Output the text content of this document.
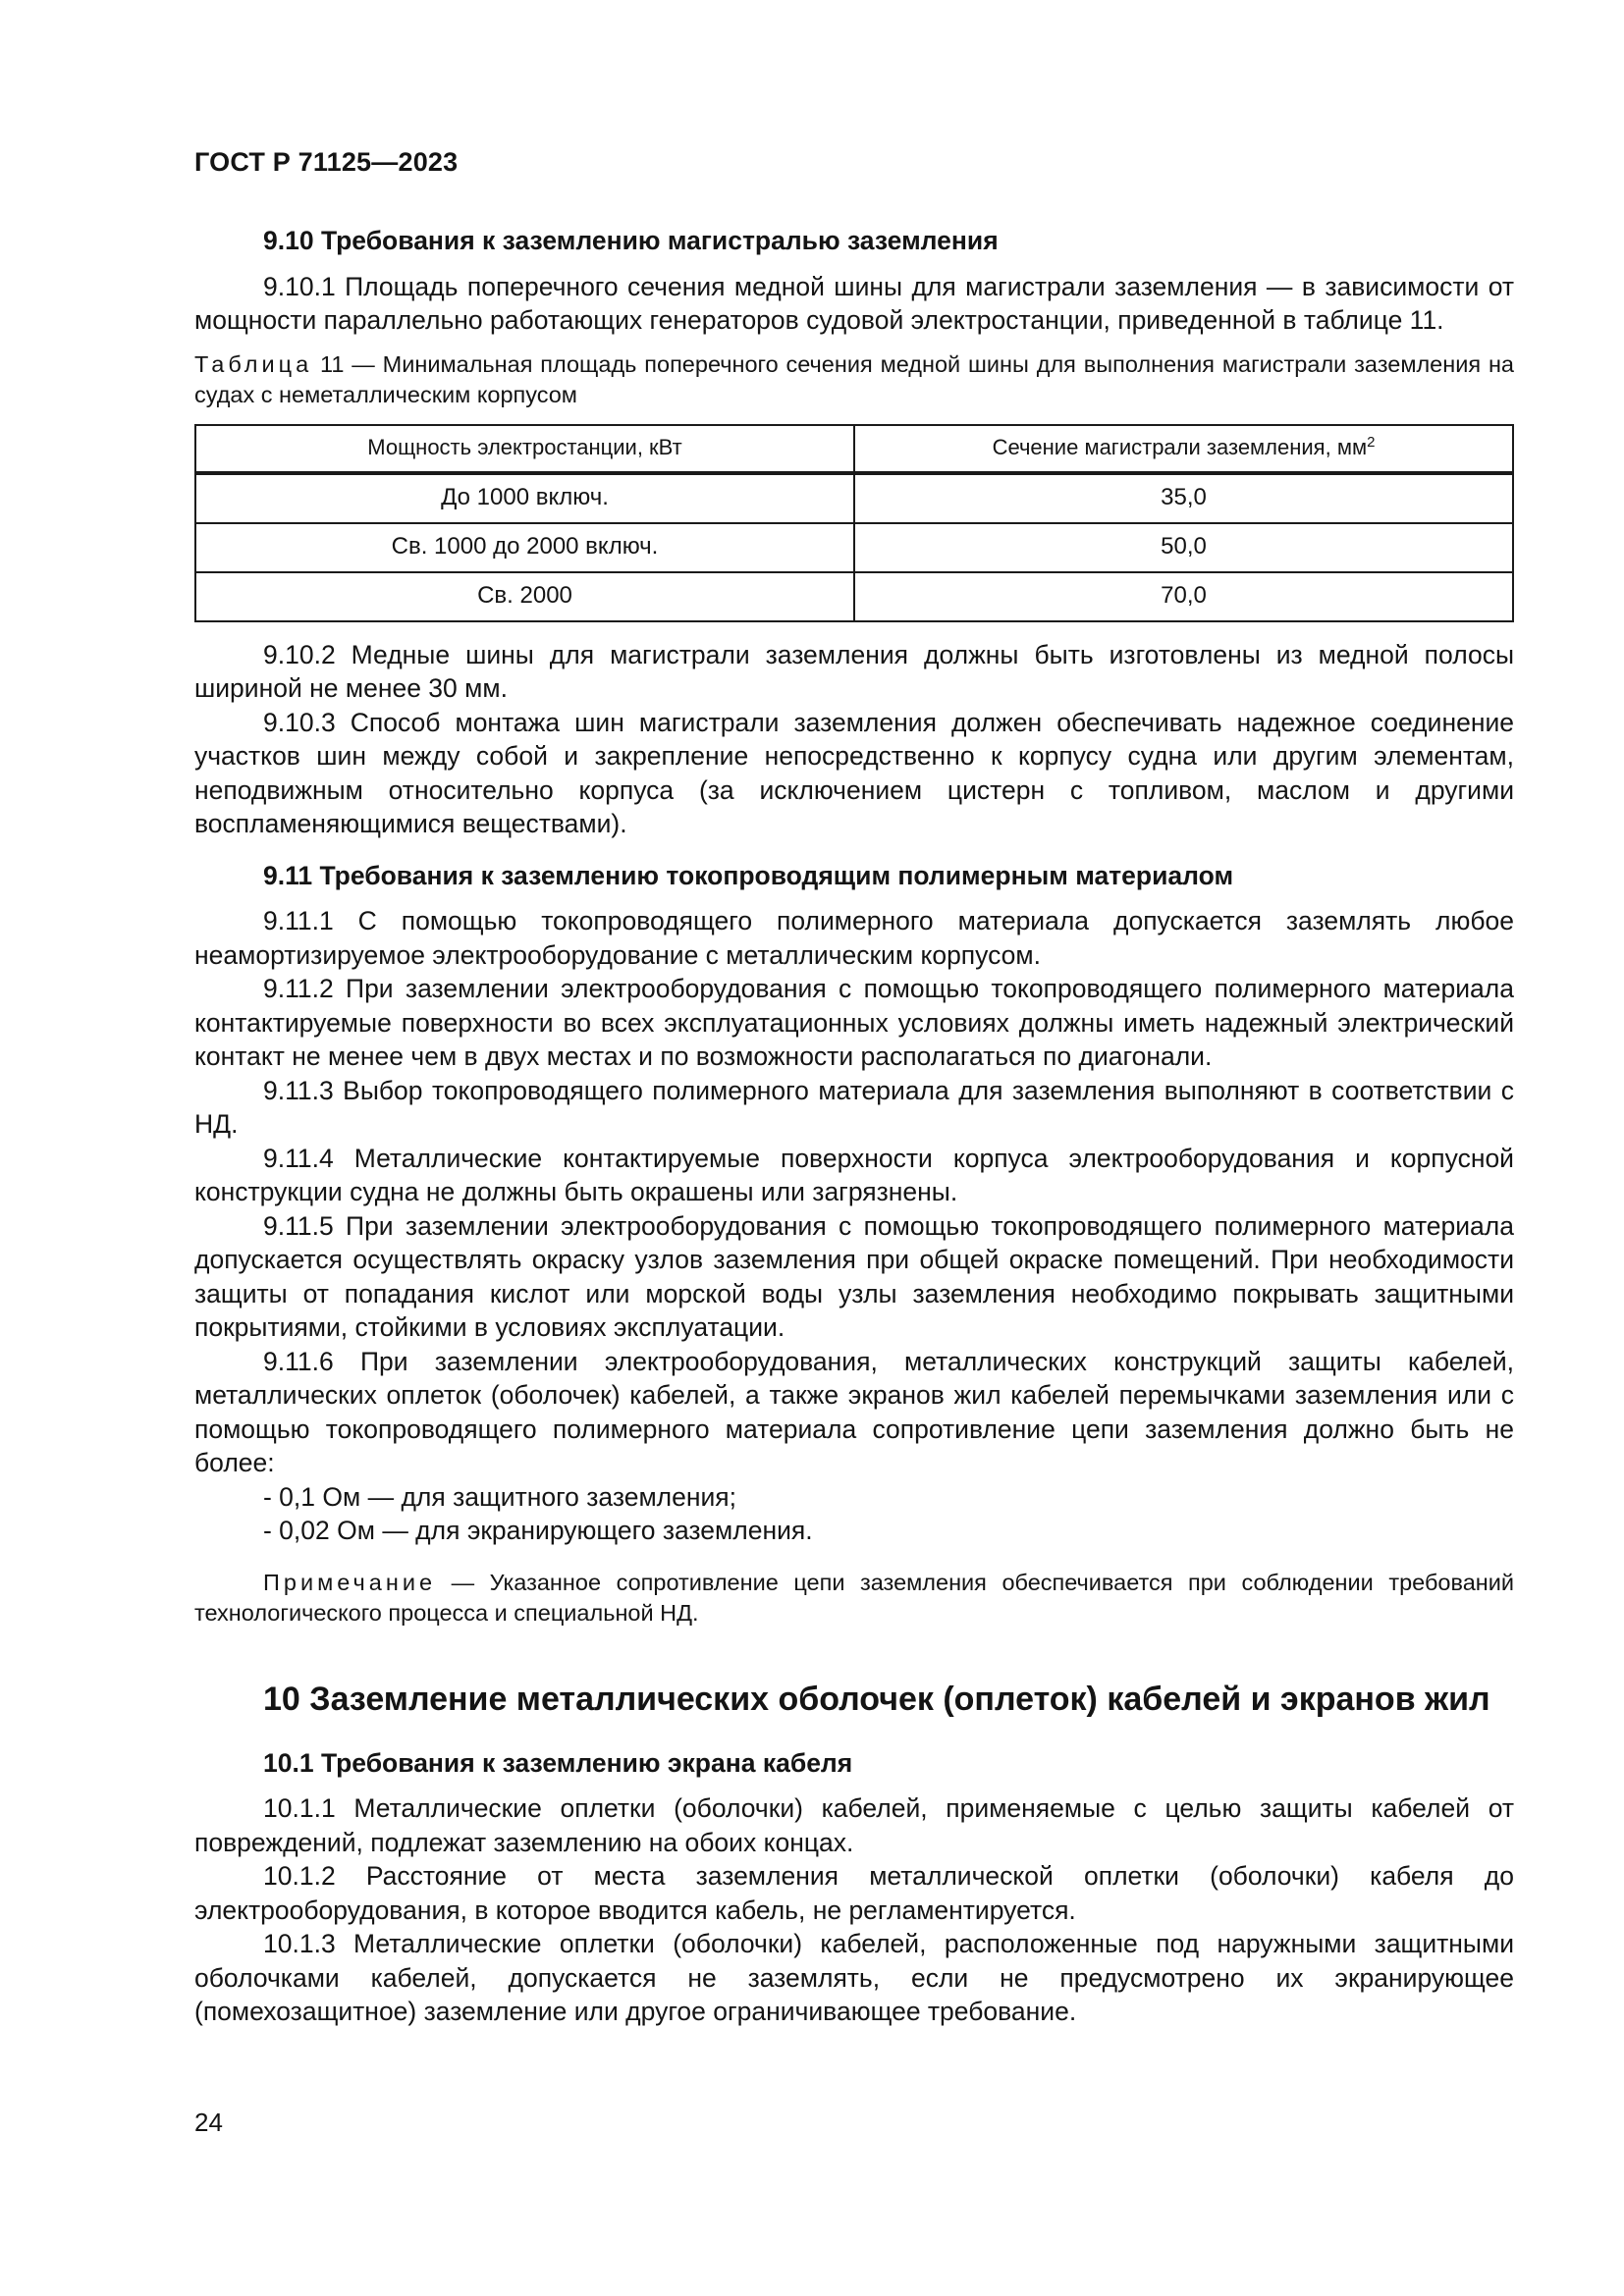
ГОСТ Р 71125—2023
9.10 Требования к заземлению магистралью заземления

9.10.1 Площадь поперечного сечения медной шины для магистрали заземления — в зависимости от мощности параллельно работающих генераторов судовой электростанции, приведенной в таблице 11.

Таблица 11 — Минимальная площадь поперечного сечения медной шины для выполнения магистрали заземления на судах с неметаллическим корпусом

Мощность электростанции, кВт	Сечение магистрали заземления, $мм^2$
До 1000 включ.	35,0
Св. 1000 до 2000 включ.	50,0
Св. 2000	70,0

9.10.2 Медные шины для магистрали заземления должны быть изготовлены из медной полосы шириной не менее 30 мм.

9.10.3 Способ монтажа шин магистрали заземления должен обеспечивать надежное соединение участков шин между собой и закрепление непосредственно к корпусу судна или другим элементам, неподвижным относительно корпуса (за исключением цистерн с топливом, маслом и другими воспламеняющимися веществами).

9.11 Требования к заземлению токопроводящим полимерным материалом

9.11.1 С помощью токопроводящего полимерного материала допускается заземлять любое неамортизируемое электрооборудование с металлическим корпусом.

9.11.2 При заземлении электрооборудования с помощью токопроводящего полимерного материала контактируемые поверхности во всех эксплуатационных условиях должны иметь надежный электрический контакт не менее чем в двух местах и по возможности располагаться по диагонали.

9.11.3 Выбор токопроводящего полимерного материала для заземления выполняют в соответствии с НД.

9.11.4 Металлические контактируемые поверхности корпуса электрооборудования и корпусной конструкции судна не должны быть окрашены или загрязнены.

9.11.5 При заземлении электрооборудования с помощью токопроводящего полимерного материала допускается осуществлять окраску узлов заземления при общей окраске помещений. При необходимости защиты от попадания кислот или морской воды узлы заземления необходимо покрывать защитными покрытиями, стойкими в условиях эксплуатации.

9.11.6 При заземлении электрооборудования, металлических конструкций защиты кабелей, металлических оплеток (оболочек) кабелей, а также экранов жил кабелей перемычками заземления или с помощью токопроводящего полимерного материала сопротивление цепи заземления должно быть не более:

- 0,1 Ом — для защитного заземления;

- 0,02 Ом — для экранирующего заземления.

Примечание — Указанное сопротивление цепи заземления обеспечивается при соблюдении требований технологического процесса и специальной НД.

10 Заземление металлических оболочек (оплеток) кабелей и экранов жил
10.1 Требования к заземлению экрана кабеля

10.1.1 Металлические оплетки (оболочки) кабелей, применяемые с целью защиты кабелей от повреждений, подлежат заземлению на обоих концах.

10.1.2 Расстояние от места заземления металлической оплетки (оболочки) кабеля до электрооборудования, в которое вводится кабель, не регламентируется.

10.1.3 Металлические оплетки (оболочки) кабелей, расположенные под наружными защитными оболочками кабелей, допускается не заземлять, если не предусмотрено их экранирующее (помехозащитное) заземление или другое ограничивающее требование.

24
